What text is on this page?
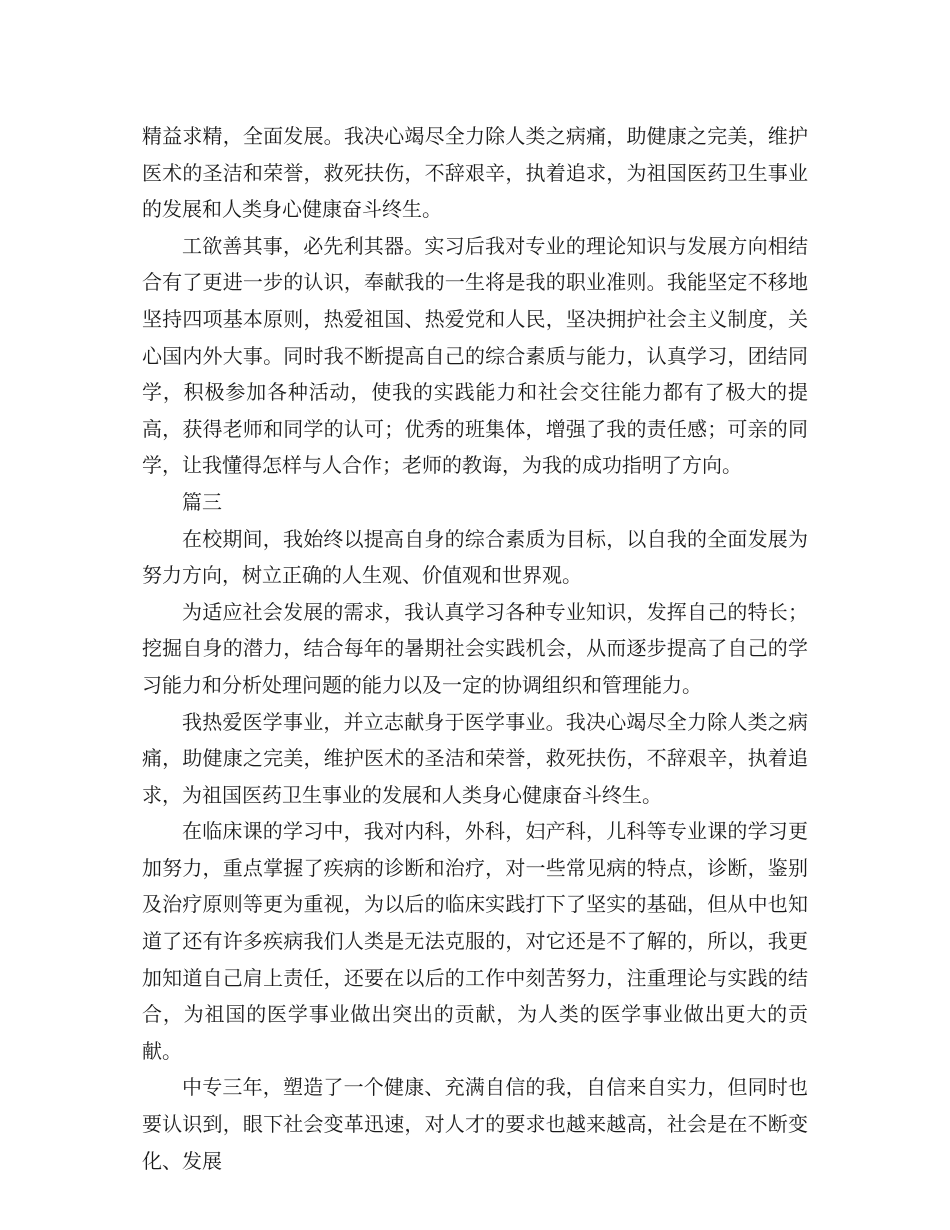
精益求精，全面发展。我决心竭尽全力除人类之病痛，助健康之完美，维护医术的圣洁和荣誉，救死扶伤，不辞艰辛，执着追求，为祖国医药卫生事业的发展和人类身心健康奋斗终生。

工欲善其事，必先利其器。实习后我对专业的理论知识与发展方向相结合有了更进一步的认识，奉献我的一生将是我的职业准则。我能坚定不移地坚持四项基本原则，热爱祖国、热爱党和人民，坚决拥护社会主义制度，关心国内外大事。同时我不断提高自己的综合素质与能力，认真学习，团结同学，积极参加各种活动，使我的实践能力和社会交往能力都有了极大的提高，获得老师和同学的认可；优秀的班集体，增强了我的责任感；可亲的同学，让我懂得怎样与人合作；老师的教诲，为我的成功指明了方向。

篇三

在校期间，我始终以提高自身的综合素质为目标，以自我的全面发展为努力方向，树立正确的人生观、价值观和世界观。

为适应社会发展的需求，我认真学习各种专业知识，发挥自己的特长；挖掘自身的潜力，结合每年的暑期社会实践机会，从而逐步提高了自己的学习能力和分析处理问题的能力以及一定的协调组织和管理能力。

我热爱医学事业，并立志献身于医学事业。我决心竭尽全力除人类之病痛，助健康之完美，维护医术的圣洁和荣誉，救死扶伤，不辞艰辛，执着追求，为祖国医药卫生事业的发展和人类身心健康奋斗终生。

在临床课的学习中，我对内科，外科，妇产科，儿科等专业课的学习更加努力，重点掌握了疾病的诊断和治疗，对一些常见病的特点，诊断，鉴别及治疗原则等更为重视，为以后的临床实践打下了坚实的基础，但从中也知道了还有许多疾病我们人类是无法克服的，对它还是不了解的，所以，我更加知道自己肩上责任，还要在以后的工作中刻苦努力，注重理论与实践的结合，为祖国的医学事业做出突出的贡献，为人类的医学事业做出更大的贡献。

中专三年，塑造了一个健康、充满自信的我，自信来自实力，但同时也要认识到，眼下社会变革迅速，对人才的要求也越来越高，社会是在不断变化、发展
